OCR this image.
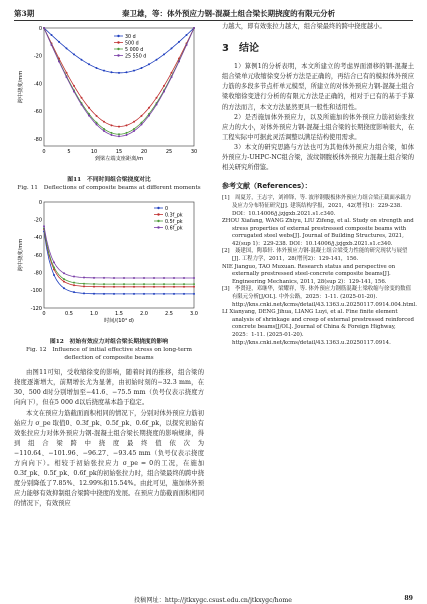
第3期	秦卫雄，等：体外预应力钢-混凝土组合梁长期挠度的有限元分析
0	5	10	15	20	25	30
0
-20
-40
-60
-80
到梁左端支座距离/m
跨中挠度/mm
30 d
500 d
5 000 d
25 550 d
图11　不同时间组合梁挠度对比
Fig. 11　Deflections of composite beams at different moments
0	0.5	1.0	1.5	2.0	2.5	3.0
0
-20
-40
-60
-80
-100
-120
时间/(10⁴ d)
跨中挠度/mm
0
0.3f_pk
0.5f_pk
0.6f_pk
图12　初始有效应力对组合梁长期挠度的影响
Fig. 12　Influence of initial effective stress on long-term
deflection of composite beams

由图11可知，受收缩徐变的影响，随着时间的推移，组合梁的挠度逐渐增大，前期增长尤为显著，由初始时刻的−32.3 mm，在30、500 d时分别增加至−41.6、−75.5 mm（负号仅表示挠度方向向下），但在5 000 d以后挠度基本趋于稳定。

本文在预应力筋截面面积相同的情况下，分别对体外预应力筋初始应力 σ_pe 取值0、0.3f_pk、0.5f_pk、0.6f_pk，以探究初始有效张拉应力对体外预应力钢-混凝土组合梁长期挠度的影响规律，得到组合梁跨中挠度最终值依次为−110.64、−101.96、−96.27、−93.45 mm（负号仅表示挠度方向向下）。相较于初始张拉应力 σ_pe = 0的工况，在施加0.3f_pk、0.5f_pk、0.6f_pk的初始张拉力时，组合梁最终的跨中挠度分别降低了7.85%、12.99%和15.54%。由此可见，施加体外预应力能够有效抑制组合梁跨中挠度的发展。在预应力筋截面面积相同的情况下，有效预应

力越大，即有效张拉力越大，组合梁最终的跨中挠度越小。

3　结论

1）算例1的分析表明，本文所建立的考虑界面滑移的钢-混凝土组合梁单元收缩徐变分析方法是正确的，再结合已有的模拟体外预应力筋的多段多节点杆单元模型，所建立的对体外预应力钢-混凝土组合梁收缩徐变进行分析的有限元方法是正确的，相对于已有的基于手算的方法而言，本文方法显然更具一般性和适用性。

2）是否施加体外预应力，以及所施加的体外预应力筋初始张拉应力的大小，对体外预应力钢-混凝土组合梁的长期挠度影响很大，在工程实际中可据此灵活调整以满足结构使用需求。

3）本文的研究思路与方法也可为其他体外预应力组合梁，如体外预应力-UHPC-NC组合梁，波纹钢腹板体外预应力混凝土组合梁的相关研究所借鉴。

参考文献（References）：
[1]　周夏芳，王志宇，刘禅锋，等. 波形钢腹板体外预应力组合梁正截面承载力及应力分布特征研究[J]. 建筑结构学报，2021，42(增刊1)：229-238. DOI：10.14006/j.jzjgxb.2021.s1.c340.
ZHOU Xiafang, WANG Zhiyu, LIU Zifeng, et al. Study on strength and stress properties of external prestressed composite beams with corrugated steel webs[J]. Journal of Building Structures, 2021, 42(sup 1)：229-238. DOI：10.14006/j.jzjgxb.2021.s1.c340.
[2]　聂建国，陶慕轩. 体外预应力钢-混凝土组合梁受力性能的研究现状与展望[J]. 工程力学，2011，28(增刊2)：129-141，156.
NIE Jianguo, TAO Muxuan. Research status and perspective on externally prestressed steel-concrete composite beams[J]. Engineering Mechanics, 2011, 28(sup 2)：129-141, 156.
[3]　李贤迎，邓继华，梁耀祥，等. 体外预应力钢筋混凝土梁收缩与徐变的数值有限元分析[J/OL]. 中外公路，2025：1-11. (2025-01-20). http://kns.cnki.net/kcms/detail/43.1363.u.20250117.0914.004.html.
LI Xianyang, DENG Jihua, LIANG Luyi, et al. Fine finite element analysis of shrinkage and creep of external prestressed reinforced concrete beams[J/OL]. Journal of China & Foreign Highway, 2025：1-11. (2025-01-20). http://kns.cnki.net/kcms/detail/43.1363.u.20250117.0914.
投稿网址：http://jtkxygc.csust.edu.cn/jtkxygc/home	89
